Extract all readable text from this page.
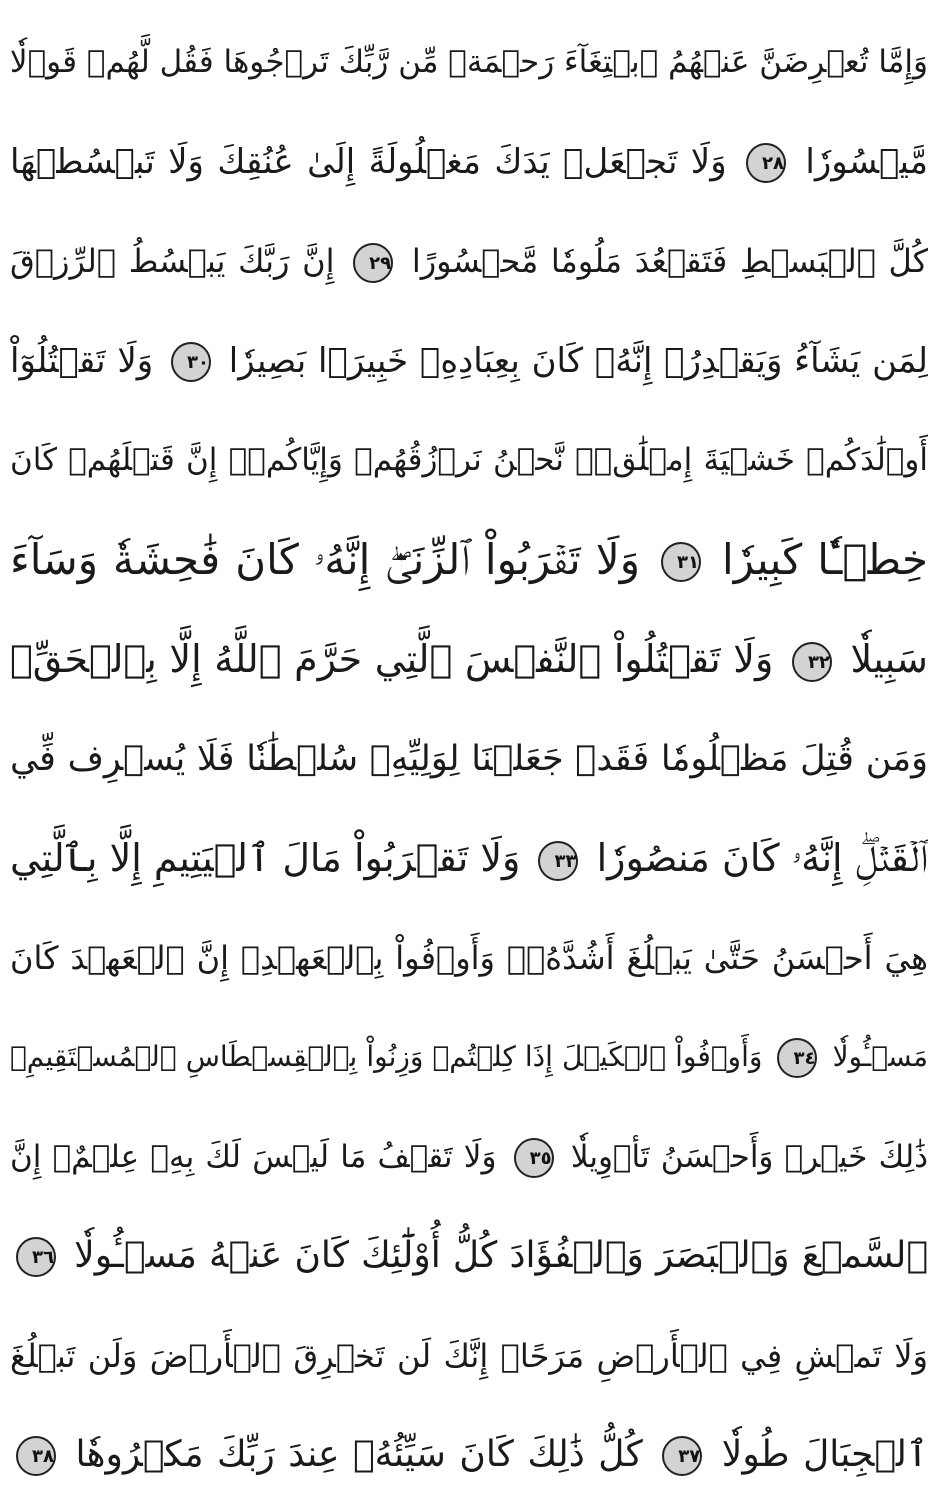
وَإِمَّا تُعۡرِضَنَّ عَنۡهُمُ ٱبۡتِغَآءَ رَحۡمَةٖ مِّن رَّبِّكَ تَرۡجُوهَا فَقُل لَّهُمۡ قَوۡلٗا
مَّيۡسُورٗا ٢٨ وَلَا تَجۡعَلۡ يَدَكَ مَغۡلُولَةً إِلَىٰ عُنُقِكَ وَلَا تَبۡسُطۡهَا
كُلَّ ٱلۡبَسۡطِ فَتَقۡعُدَ مَلُومٗا مَّحۡسُورًا ٢٩ إِنَّ رَبَّكَ يَبۡسُطُ ٱلرِّزۡقَ
لِمَن يَشَآءُ وَيَقۡدِرُۚ إِنَّهُۥ كَانَ بِعِبَادِهِۦ خَبِيرَۢا بَصِيرٗا ٣٠ وَلَا تَقۡتُلُوٓاْ
أَوۡلَٰدَكُمۡ خَشۡيَةَ إِمۡلَٰقٖۖ نَّحۡنُ نَرۡزُقُهُمۡ وَإِيَّاكُمۡۚ إِنَّ قَتۡلَهُمۡ كَانَ
خِطۡـٔٗا كَبِيرٗا ٣١ وَلَا تَقۡرَبُواْ ٱلزِّنَىٰٓۖ إِنَّهُۥ كَانَ فَٰحِشَةٗ وَسَآءَ
سَبِيلٗا ٣٢ وَلَا تَقۡتُلُواْ ٱلنَّفۡسَ ٱلَّتِي حَرَّمَ ٱللَّهُ إِلَّا بِٱلۡحَقِّۗ
وَمَن قُتِلَ مَظۡلُومٗا فَقَدۡ جَعَلۡنَا لِوَلِيِّهِۦ سُلۡطَٰنٗا فَلَا يُسۡرِف فِّي
ٱلۡقَتۡلِۖ إِنَّهُۥ كَانَ مَنصُورٗا ٣٣ وَلَا تَقۡرَبُواْ مَالَ ٱلۡيَتِيمِ إِلَّا بِٱلَّتِي
هِيَ أَحۡسَنُ حَتَّىٰ يَبۡلُغَ أَشُدَّهُۥۚ وَأَوۡفُواْ بِٱلۡعَهۡدِۖ إِنَّ ٱلۡعَهۡدَ كَانَ
مَسۡـُٔولٗا ٣٤ وَأَوۡفُواْ ٱلۡكَيۡلَ إِذَا كِلۡتُمۡ وَزِنُواْ بِٱلۡقِسۡطَاسِ ٱلۡمُسۡتَقِيمِۚ
ذَٰلِكَ خَيۡرٞ وَأَحۡسَنُ تَأۡوِيلٗا ٣٥ وَلَا تَقۡفُ مَا لَيۡسَ لَكَ بِهِۦ عِلۡمٌۚ إِنَّ
ٱلسَّمۡعَ وَٱلۡبَصَرَ وَٱلۡفُؤَادَ كُلُّ أُوْلَٰٓئِكَ كَانَ عَنۡهُ مَسۡـُٔولٗا ٣٦
وَلَا تَمۡشِ فِي ٱلۡأَرۡضِ مَرَحًاۖ إِنَّكَ لَن تَخۡرِقَ ٱلۡأَرۡضَ وَلَن تَبۡلُغَ
ٱلۡجِبَالَ طُولٗا ٣٧ كُلُّ ذَٰلِكَ كَانَ سَيِّئُهُۥ عِندَ رَبِّكَ مَكۡرُوهٗا ٣٨
